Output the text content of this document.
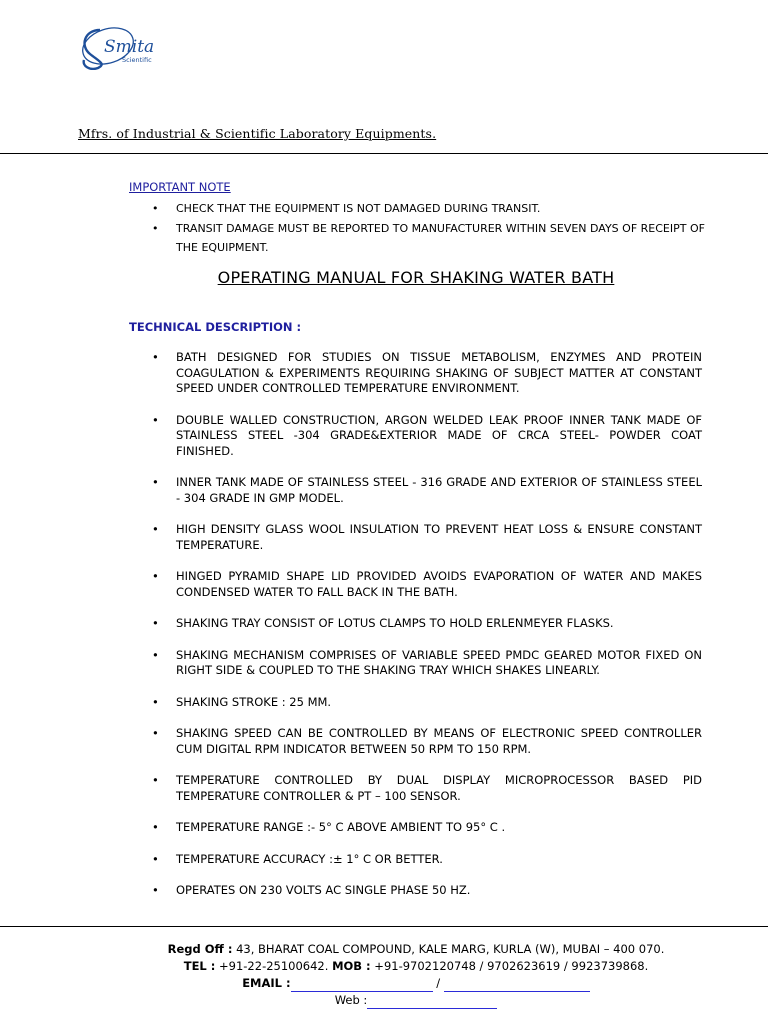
Smita
Scientific
Mfrs. of Industrial & Scientific Laboratory Equipments.
IMPORTANT NOTE
• CHECK THAT THE EQUIPMENT IS NOT DAMAGED DURING TRANSIT.
• TRANSIT DAMAGE MUST BE REPORTED TO MANUFACTURER WITHIN SEVEN DAYS OF RECEIPT OF THE EQUIPMENT.
OPERATING MANUAL FOR SHAKING WATER BATH
TECHNICAL DESCRIPTION :
• BATH DESIGNED FOR STUDIES ON TISSUE METABOLISM, ENZYMES AND PROTEIN COAGULATION & EXPERIMENTS REQUIRING SHAKING OF SUBJECT MATTER AT CONSTANT SPEED UNDER CONTROLLED TEMPERATURE ENVIRONMENT.
• DOUBLE WALLED CONSTRUCTION, ARGON WELDED LEAK PROOF INNER TANK MADE OF STAINLESS STEEL -304 GRADE&EXTERIOR MADE OF CRCA STEEL- POWDER COAT FINISHED.
• INNER TANK MADE OF STAINLESS STEEL - 316 GRADE AND EXTERIOR OF STAINLESS STEEL - 304 GRADE IN GMP MODEL.
• HIGH DENSITY GLASS WOOL INSULATION TO PREVENT HEAT LOSS & ENSURE CONSTANT TEMPERATURE.
• HINGED PYRAMID SHAPE LID PROVIDED AVOIDS EVAPORATION OF WATER AND MAKES CONDENSED WATER TO FALL BACK IN THE BATH.
• SHAKING TRAY CONSIST OF LOTUS CLAMPS TO HOLD ERLENMEYER FLASKS.
• SHAKING MECHANISM COMPRISES OF VARIABLE SPEED PMDC GEARED MOTOR FIXED ON RIGHT SIDE & COUPLED TO THE SHAKING TRAY WHICH SHAKES LINEARLY.
• SHAKING STROKE : 25 MM.
• SHAKING SPEED CAN BE CONTROLLED BY MEANS OF ELECTRONIC SPEED CONTROLLER CUM DIGITAL RPM INDICATOR BETWEEN 50 RPM TO 150 RPM.
• TEMPERATURE CONTROLLED BY DUAL DISPLAY MICROPROCESSOR BASED PID TEMPERATURE CONTROLLER & PT – 100 SENSOR.
• TEMPERATURE RANGE :- 5° C ABOVE AMBIENT TO 95° C .
• TEMPERATURE ACCURACY :± 1° C OR BETTER.
• OPERATES ON 230 VOLTS AC SINGLE PHASE 50 HZ.
Regd Off : 43, BHARAT COAL COMPOUND, KALE MARG, KURLA (W), MUBAI – 400 070.
TEL : +91-22-25100642. MOB : +91-9702120748 / 9702623619 / 9923739868.
EMAIL :	/
Web :
